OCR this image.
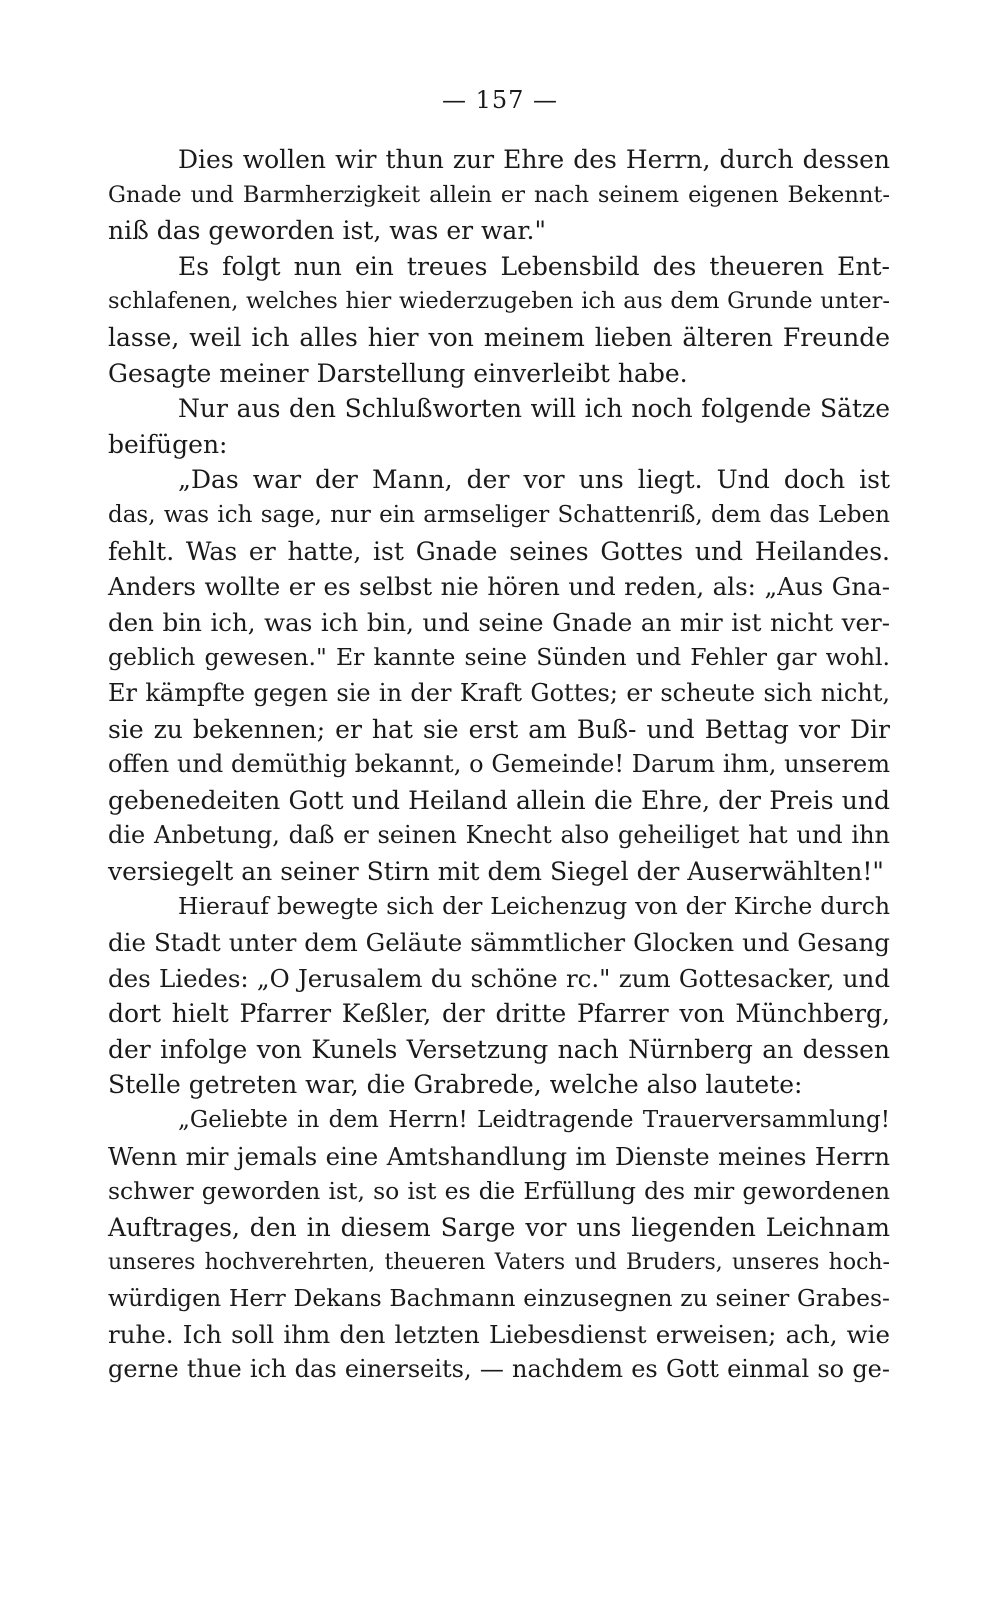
— 157 —
Dies wollen wir thun zur Ehre des Herrn, durch dessen
Gnade und Barmherzigkeit allein er nach seinem eigenen Bekennt-
niß das geworden ist, was er war."
Es folgt nun ein treues Lebensbild des theueren Ent-
schlafenen, welches hier wiederzugeben ich aus dem Grunde unter-
lasse, weil ich alles hier von meinem lieben älteren Freunde
Gesagte meiner Darstellung einverleibt habe.
Nur aus den Schlußworten will ich noch folgende Sätze
beifügen:
„Das war der Mann, der vor uns liegt. Und doch ist
das, was ich sage, nur ein armseliger Schattenriß, dem das Leben
fehlt. Was er hatte, ist Gnade seines Gottes und Heilandes.
Anders wollte er es selbst nie hören und reden, als: „Aus Gna-
den bin ich, was ich bin, und seine Gnade an mir ist nicht ver-
geblich gewesen." Er kannte seine Sünden und Fehler gar wohl.
Er kämpfte gegen sie in der Kraft Gottes; er scheute sich nicht,
sie zu bekennen; er hat sie erst am Buß- und Bettag vor Dir
offen und demüthig bekannt, o Gemeinde! Darum ihm, unserem
gebenedeiten Gott und Heiland allein die Ehre, der Preis und
die Anbetung, daß er seinen Knecht also geheiliget hat und ihn
versiegelt an seiner Stirn mit dem Siegel der Auserwählten!"
Hierauf bewegte sich der Leichenzug von der Kirche durch
die Stadt unter dem Geläute sämmtlicher Glocken und Gesang
des Liedes: „O Jerusalem du schöne rc." zum Gottesacker, und
dort hielt Pfarrer Keßler, der dritte Pfarrer von Münchberg,
der infolge von Kunels Versetzung nach Nürnberg an dessen
Stelle getreten war, die Grabrede, welche also lautete:
„Geliebte in dem Herrn! Leidtragende Trauerversammlung!
Wenn mir jemals eine Amtshandlung im Dienste meines Herrn
schwer geworden ist, so ist es die Erfüllung des mir gewordenen
Auftrages, den in diesem Sarge vor uns liegenden Leichnam
unseres hochverehrten, theueren Vaters und Bruders, unseres hoch-
würdigen Herr Dekans Bachmann einzusegnen zu seiner Grabes-
ruhe. Ich soll ihm den letzten Liebesdienst erweisen; ach, wie
gerne thue ich das einerseits, — nachdem es Gott einmal so ge-
